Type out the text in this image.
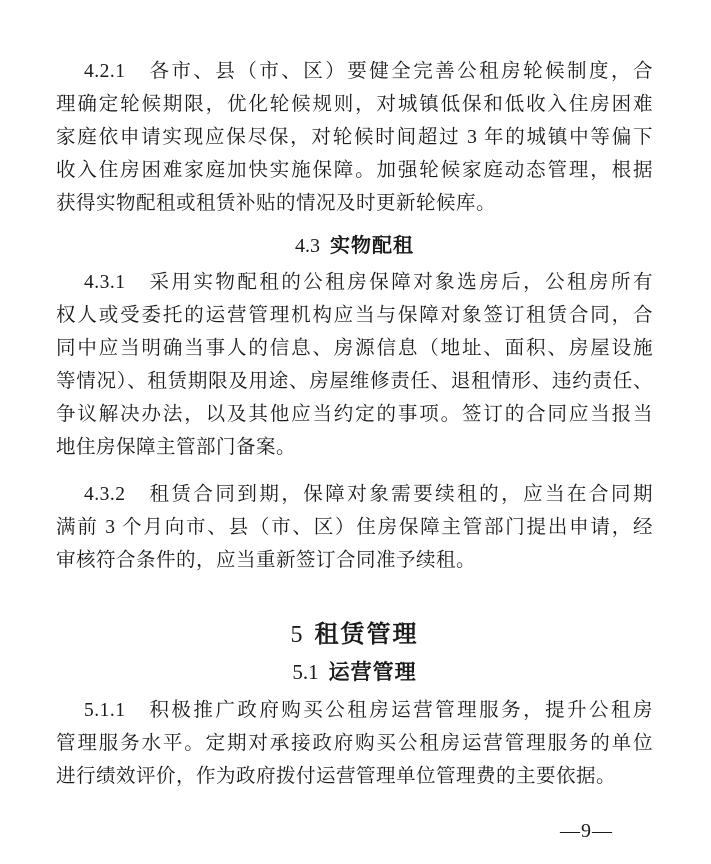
4.2.1　各市、县（市、区）要健全完善公租房轮候制度，合
理确定轮候期限，优化轮候规则，对城镇低保和低收入住房困难
家庭依申请实现应保尽保，对轮候时间超过 3 年的城镇中等偏下
收入住房困难家庭加快实施保障。加强轮候家庭动态管理，根据
获得实物配租或租赁补贴的情况及时更新轮候库。
4.3 实物配租
4.3.1　采用实物配租的公租房保障对象选房后，公租房所有
权人或受委托的运营管理机构应当与保障对象签订租赁合同，合
同中应当明确当事人的信息、房源信息（地址、面积、房屋设施
等情况）、租赁期限及用途、房屋维修责任、退租情形、违约责任、
争议解决办法，以及其他应当约定的事项。签订的合同应当报当
地住房保障主管部门备案。
4.3.2　租赁合同到期，保障对象需要续租的，应当在合同期
满前 3 个月向市、县（市、区）住房保障主管部门提出申请，经
审核符合条件的，应当重新签订合同准予续租。
5 租赁管理
5.1 运营管理
5.1.1　积极推广政府购买公租房运营管理服务，提升公租房
管理服务水平。定期对承接政府购买公租房运营管理服务的单位
进行绩效评价，作为政府拨付运营管理单位管理费的主要依据。
—9—
